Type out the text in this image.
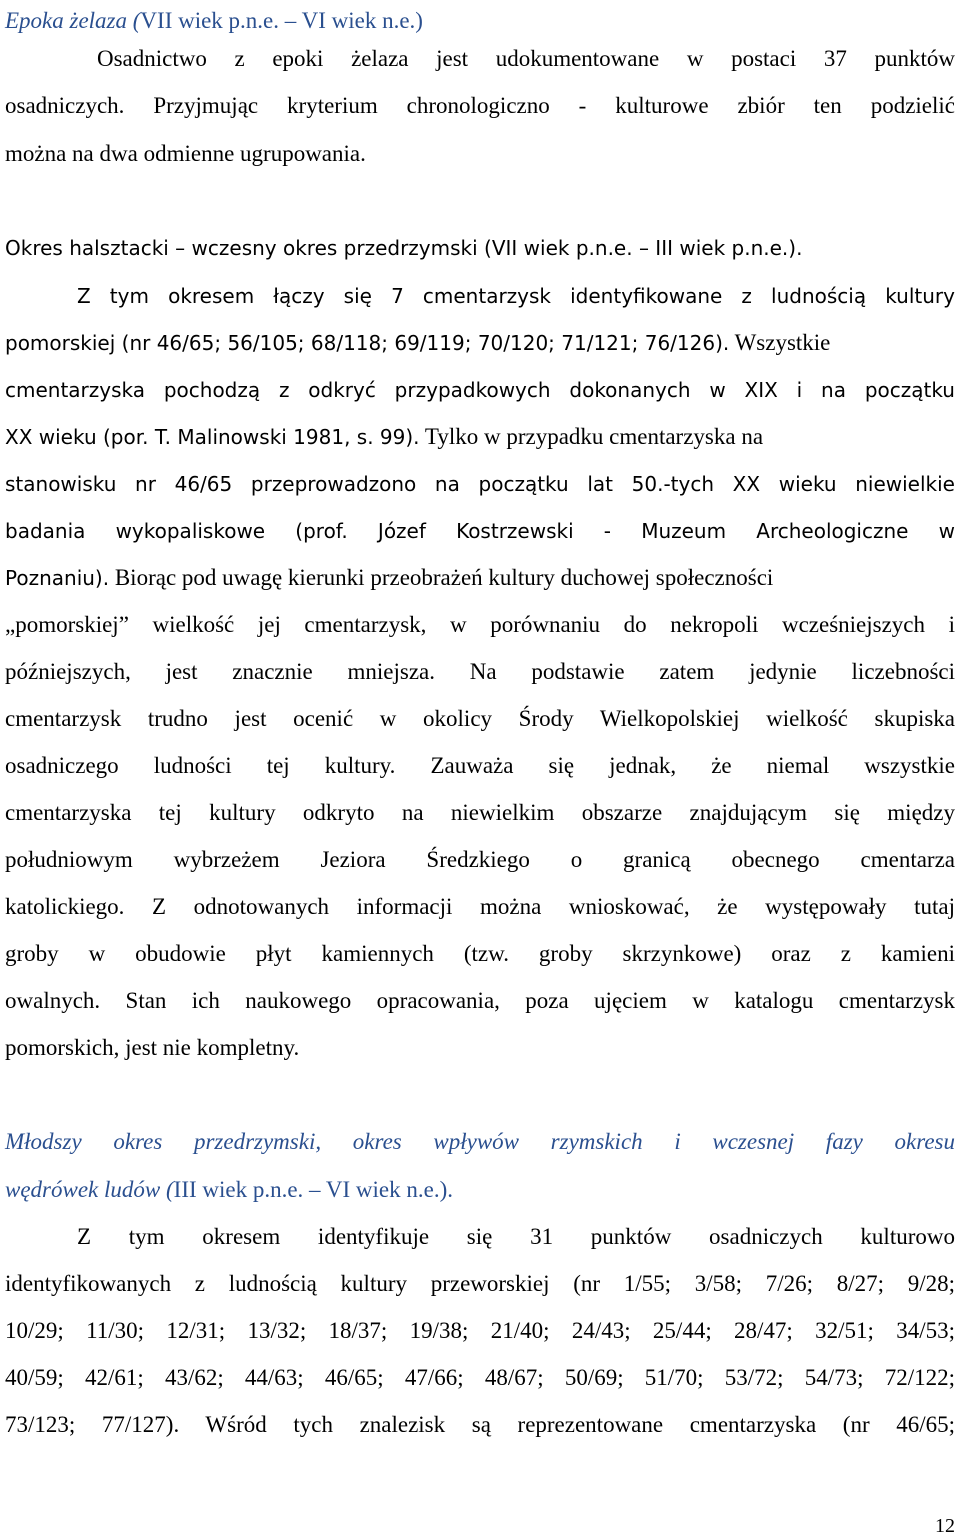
Epoka żelaza (VII wiek p.n.e. – VI wiek n.e.)
Osadnictwo z epoki żelaza jest udokumentowane w postaci 37 punktów
osadniczych. Przyjmując kryterium chronologiczno - kulturowe zbiór ten podzielić
można na dwa odmienne ugrupowania.
Okres halsztacki – wczesny okres przedrzymski (VII wiek p.n.e. – III wiek p.n.e.).
Z tym okresem łączy się 7 cmentarzysk identyfikowane z ludnością kultury
pomorskiej (nr 46/65; 56/105; 68/118; 69/119; 70/120; 71/121; 76/126). Wszystkie
cmentarzyska pochodzą z odkryć przypadkowych dokonanych w XIX i na początku
XX wieku (por. T. Malinowski 1981, s. 99). Tylko w przypadku cmentarzyska na
stanowisku nr 46/65 przeprowadzono na początku lat 50.-tych XX wieku niewielkie
badania wykopaliskowe (prof. Józef Kostrzewski - Muzeum Archeologiczne w
Poznaniu). Biorąc pod uwagę kierunki przeobrażeń kultury duchowej społeczności
„pomorskiej” wielkość jej cmentarzysk, w porównaniu do nekropoli wcześniejszych i
późniejszych, jest znacznie mniejsza. Na podstawie zatem jedynie liczebności
cmentarzysk trudno jest ocenić w okolicy Środy Wielkopolskiej wielkość skupiska
osadniczego ludności tej kultury. Zauważa się jednak, że niemal wszystkie
cmentarzyska tej kultury odkryto na niewielkim obszarze znajdującym się między
południowym wybrzeżem Jeziora Średzkiego o granicą obecnego cmentarza
katolickiego. Z odnotowanych informacji można wnioskować, że występowały tutaj
groby w obudowie płyt kamiennych (tzw. groby skrzynkowe) oraz z kamieni
owalnych. Stan ich naukowego opracowania, poza ujęciem w katalogu cmentarzysk
pomorskich, jest nie kompletny.
Młodszy okres przedrzymski, okres wpływów rzymskich i wczesnej fazy okresu
wędrówek ludów (III wiek p.n.e. – VI wiek n.e.).
Z tym okresem identyfikuje się 31 punktów osadniczych kulturowo
identyfikowanych z ludnością kultury przeworskiej (nr 1/55; 3/58; 7/26; 8/27; 9/28;
10/29; 11/30; 12/31; 13/32; 18/37; 19/38; 21/40; 24/43; 25/44; 28/47; 32/51; 34/53;
40/59; 42/61; 43/62; 44/63; 46/65; 47/66; 48/67; 50/69; 51/70; 53/72; 54/73; 72/122;
73/123; 77/127). Wśród tych znalezisk są reprezentowane cmentarzyska (nr 46/65;
12
